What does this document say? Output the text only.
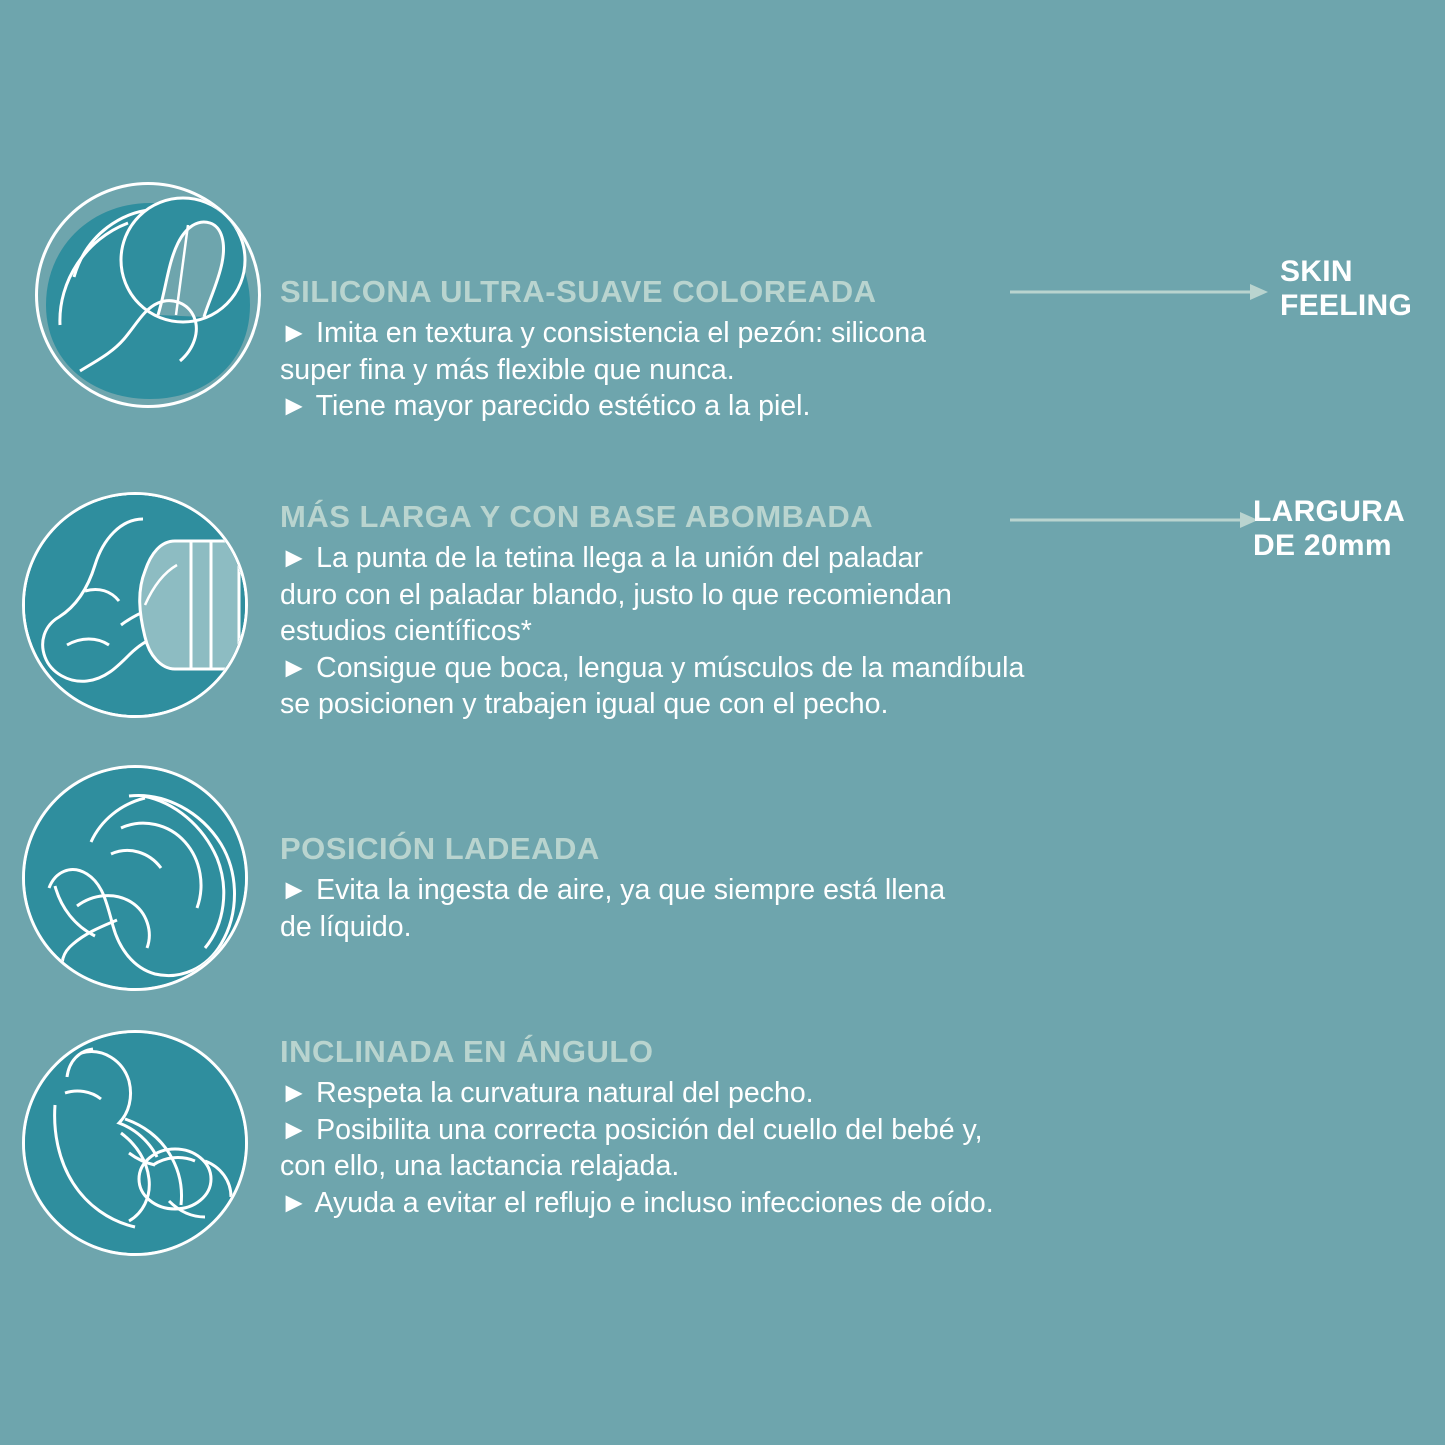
SILICONA ULTRA-SUAVE COLOREADA
► Imita en textura y consistencia el pezón: silicona
super fina y más flexible que nunca.
► Tiene mayor parecido estético a la piel.
SKIN
FEELING
MÁS LARGA Y CON BASE ABOMBADA
► La punta de la tetina llega a la unión del paladar
duro con el paladar blando, justo lo que recomiendan
estudios científicos*
► Consigue que boca, lengua y músculos de la mandíbula
se posicionen y trabajen igual que con el pecho.
LARGURA
DE 20mm
POSICIÓN LADEADA
► Evita la ingesta de aire, ya que siempre está llena
de líquido.
INCLINADA EN ÁNGULO
► Respeta la curvatura natural del pecho.
► Posibilita una correcta posición del cuello del bebé y,
con ello, una lactancia relajada.
► Ayuda a evitar el reflujo e incluso infecciones de oído.
